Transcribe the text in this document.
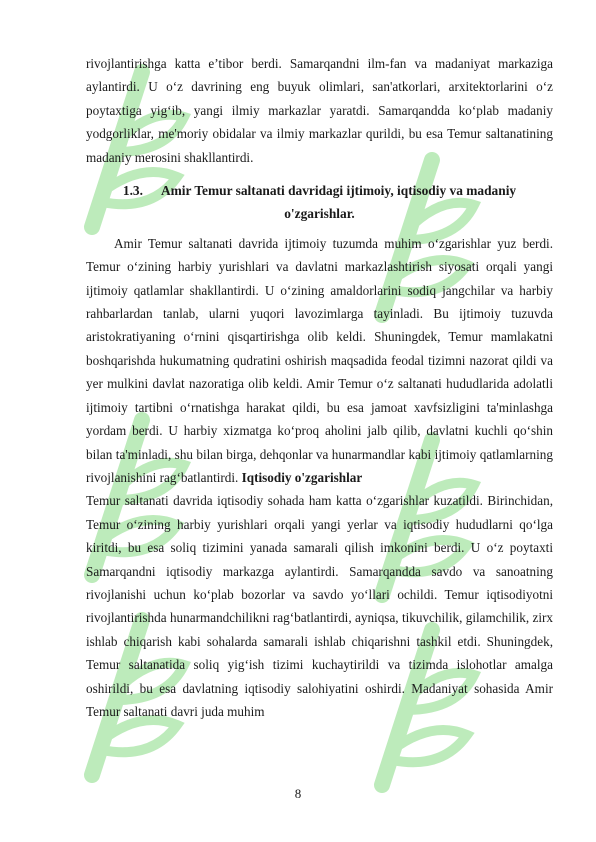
rivojlantirishga katta e’tibor berdi. Samarqandni ilm-fan va madaniyat markaziga aylantirdi. U o‘z davrining eng buyuk olimlari, san'atkorlari, arxitektorlarini o‘z poytaxtiga yig‘ib, yangi ilmiy markazlar yaratdi. Samarqandda ko‘plab madaniy yodgorliklar, me'moriy obidalar va ilmiy markazlar qurildi, bu esa Temur saltanatining madaniy merosini shakllantirdi.

1.3. Amir Temur saltanati davridagi ijtimoiy, iqtisodiy va madaniy
o'zgarishlar.

Amir Temur saltanati davrida ijtimoiy tuzumda muhim o‘zgarishlar yuz berdi. Temur o‘zining harbiy yurishlari va davlatni markazlashtirish siyosati orqali yangi ijtimoiy qatlamlar shakllantirdi. U o‘zining amaldorlarini sodiq jangchilar va harbiy rahbarlardan tanlab, ularni yuqori lavozimlarga tayinladi. Bu ijtimoiy tuzuvda aristokratiyaning o‘rnini qisqartirishga olib keldi. Shuningdek, Temur mamlakatni boshqarishda hukumatning qudratini oshirish maqsadida feodal tizimni nazorat qildi va yer mulkini davlat nazoratiga olib keldi. Amir Temur o‘z saltanati hududlarida adolatli ijtimoiy tartibni o‘rnatishga harakat qildi, bu esa jamoat xavfsizligini ta'minlashga yordam berdi. U harbiy xizmatga ko‘proq aholini jalb qilib, davlatni kuchli qo‘shin bilan ta'minladi, shu bilan birga, dehqonlar va hunarmandlar kabi ijtimoiy qatlamlarning rivojlanishini rag‘batlantirdi. Iqtisodiy o'zgarishlar

Temur saltanati davrida iqtisodiy sohada ham katta o‘zgarishlar kuzatildi. Birinchidan, Temur o‘zining harbiy yurishlari orqali yangi yerlar va iqtisodiy hududlarni qo‘lga kiritdi, bu esa soliq tizimini yanada samarali qilish imkonini berdi. U o‘z poytaxti Samarqandni iqtisodiy markazga aylantirdi. Samarqandda savdo va sanoatning rivojlanishi uchun ko‘plab bozorlar va savdo yo‘llari ochildi. Temur iqtisodiyotni rivojlantirishda hunarmandchilikni rag‘batlantirdi, ayniqsa, tikuvchilik, gilamchilik, zirx ishlab chiqarish kabi sohalarda samarali ishlab chiqarishni tashkil etdi. Shuningdek, Temur saltanatida soliq yig‘ish tizimi kuchaytirildi va tizimda islohotlar amalga oshirildi, bu esa davlatning iqtisodiy salohiyatini oshirdi. Madaniyat sohasida Amir Temur saltanati davri juda muhim

8
